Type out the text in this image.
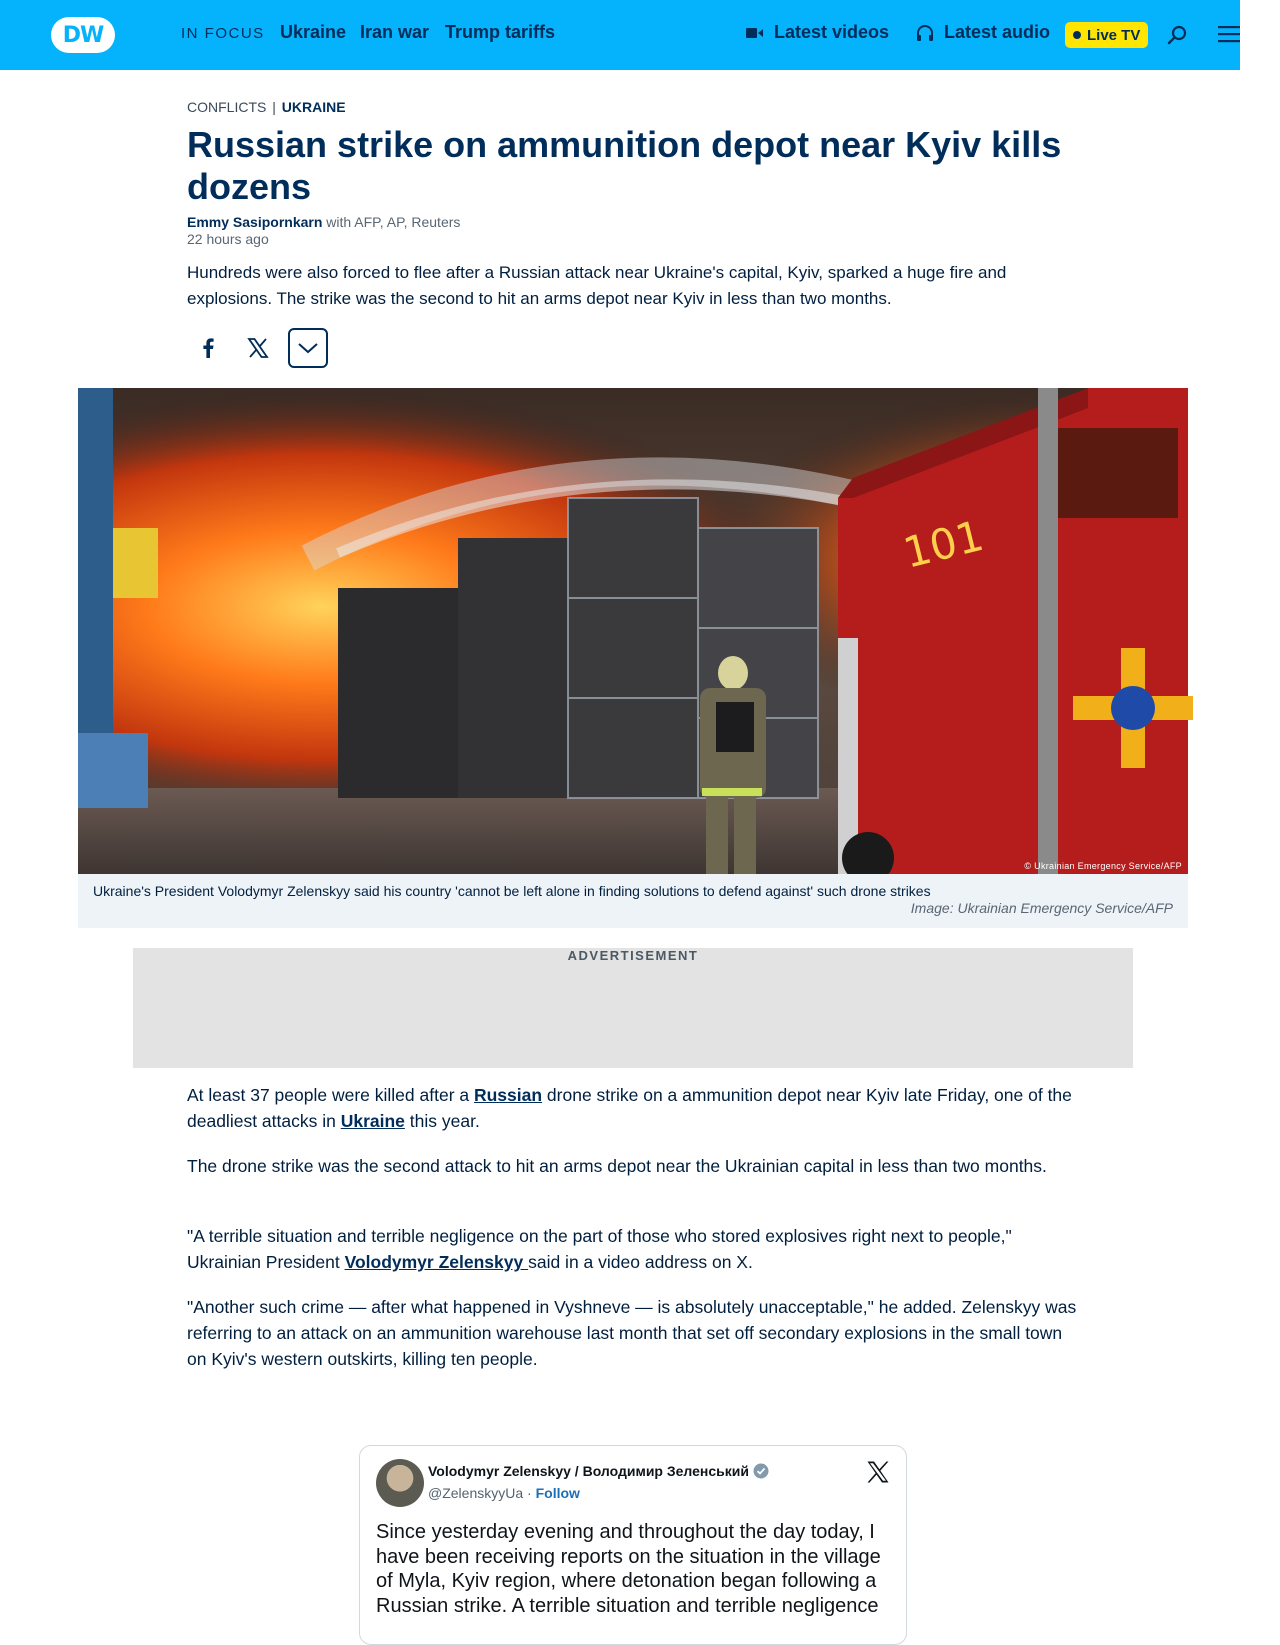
DW	IN FOCUS Ukraine Iran war Trump tariffs	Latest videos	Latest audio Live TV
CONFLICTS | UKRAINE
Russian strike on ammunition depot near Kyiv kills dozens
Emmy Sasipornkarn with AFP, AP, Reuters
22 hours ago

Hundreds were also forced to flee after a Russian attack near Ukraine's capital, Kyiv, sparked a huge fire and explosions. The strike was the second to hit an arms depot near Kyiv in less than two months.

101
© Ukrainian Emergency Service/AFP
Ukraine's President Volodymyr Zelenskyy said his country 'cannot be left alone in finding solutions to defend against' such drone strikes
Image: Ukrainian Emergency Service/AFP
ADVERTISEMENT

At least 37 people were killed after a Russian drone strike on a ammunition depot near Kyiv late Friday, one of the deadliest attacks in Ukraine this year.

The drone strike was the second attack to hit an arms depot near the Ukrainian capital in less than two months.

"A terrible situation and terrible negligence on the part of those who stored explosives right next to people," Ukrainian President Volodymyr Zelenskyy said in a video address on X.

"Another such crime — after what happened in Vyshneve — is absolutely unacceptable," he added. Zelenskyy was referring to an attack on an ammunition warehouse last month that set off secondary explosions in the small town on Kyiv's western outskirts, killing ten people.

Volodymyr Zelenskyy / Володимир Зеленський
@ZelenskyyUa · Follow

Since yesterday evening and throughout the day today, I have been receiving reports on the situation in the village of Myla, Kyiv region, where detonation began following a Russian strike. A terrible situation and terrible negligence
